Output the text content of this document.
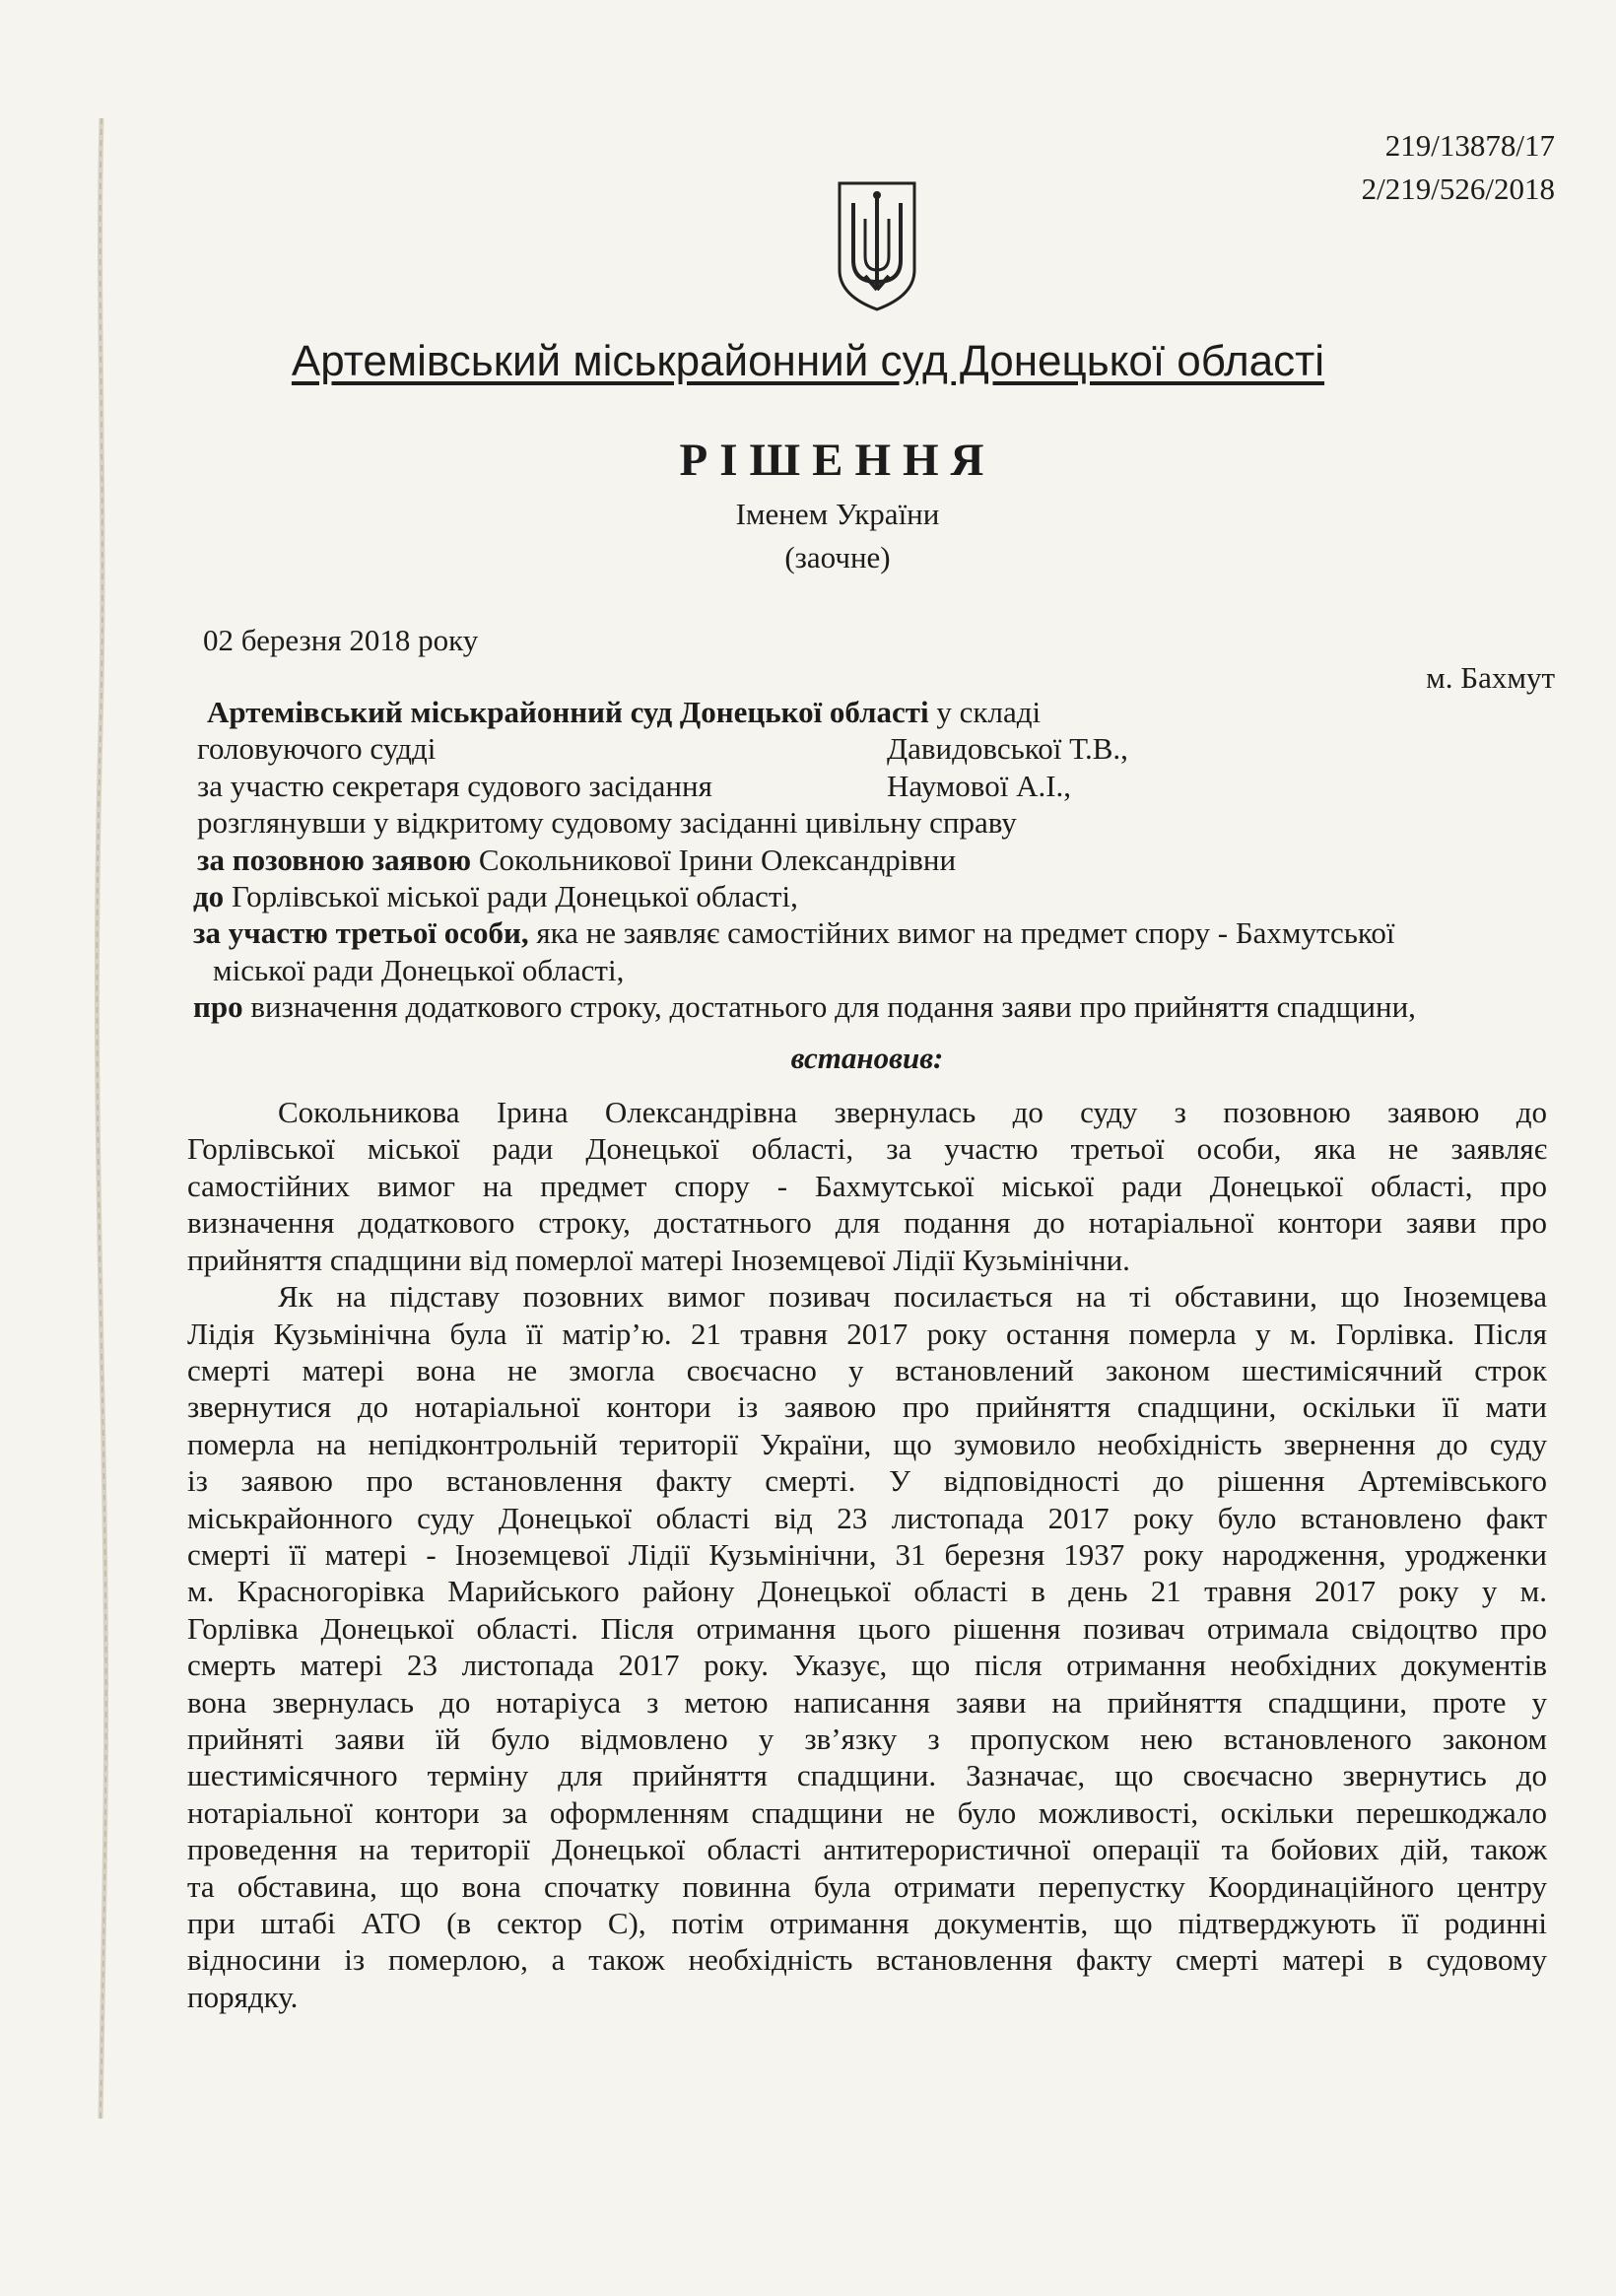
219/13878/17
2/219/526/2018
Артемівський міськрайонний суд Донецької області
РІШЕННЯ
Іменем України
(заочне)
02 березня 2018 року
м. Бахмут
Артемівський міськрайонний суд Донецької області у складі
головуючого судді	Давидовської Т.В.,
за участю секретаря судового засідання	Наумової А.І.,
розглянувши у відкритому судовому засіданні цивільну справу
за позовною заявою Сокольникової Ірини Олександрівни
до Горлівської міської ради Донецької області,
за участю третьої особи, яка не заявляє самостійних вимог на предмет спору - Бахмутської
міської ради Донецької області,
про визначення додаткового строку, достатнього для подання заяви про прийняття спадщини,
встановив:
Сокольникова Ірина Олександрівна звернулась до суду з позовною заявою до
Горлівської міської ради Донецької області, за участю третьої особи, яка не заявляє
самостійних вимог на предмет спору - Бахмутської міської ради Донецької області, про
визначення додаткового строку, достатнього для подання до нотаріальної контори заяви про
прийняття спадщини від померлої матері Іноземцевої Лідії Кузьмінічни.
Як на підставу позовних вимог позивач посилається на ті обставини, що Іноземцева
Лідія Кузьмінічна була її матір’ю. 21 травня 2017 року остання померла у м. Горлівка. Після
смерті матері вона не змогла своєчасно у встановлений законом шестимісячний строк
звернутися до нотаріальної контори із заявою про прийняття спадщини, оскільки її мати
померла на непідконтрольній території України, що зумовило необхідність звернення до суду
із заявою про встановлення факту смерті. У відповідності до рішення Артемівського
міськрайонного суду Донецької області від 23 листопада 2017 року було встановлено факт
смерті її матері - Іноземцевої Лідії Кузьмінічни, 31 березня 1937 року народження, уродженки
м. Красногорівка Марийського району Донецької області в день 21 травня 2017 року у м.
Горлівка Донецької області. Після отримання цього рішення позивач отримала свідоцтво про
смерть матері 23 листопада 2017 року. Указує, що після отримання необхідних документів
вона звернулась до нотаріуса з метою написання заяви на прийняття спадщини, проте у
прийняті заяви їй було відмовлено у зв’язку з пропуском нею встановленого законом
шестимісячного терміну для прийняття спадщини. Зазначає, що своєчасно звернутись до
нотаріальної контори за оформленням спадщини не було можливості, оскільки перешкоджало
проведення на території Донецької області антитерористичної операції та бойових дій, також
та обставина, що вона спочатку повинна була отримати перепустку Координаційного центру
при штабі АТО (в сектор С), потім отримання документів, що підтверджують її родинні
відносини із померлою, а також необхідність встановлення факту смерті матері в судовому
порядку.
